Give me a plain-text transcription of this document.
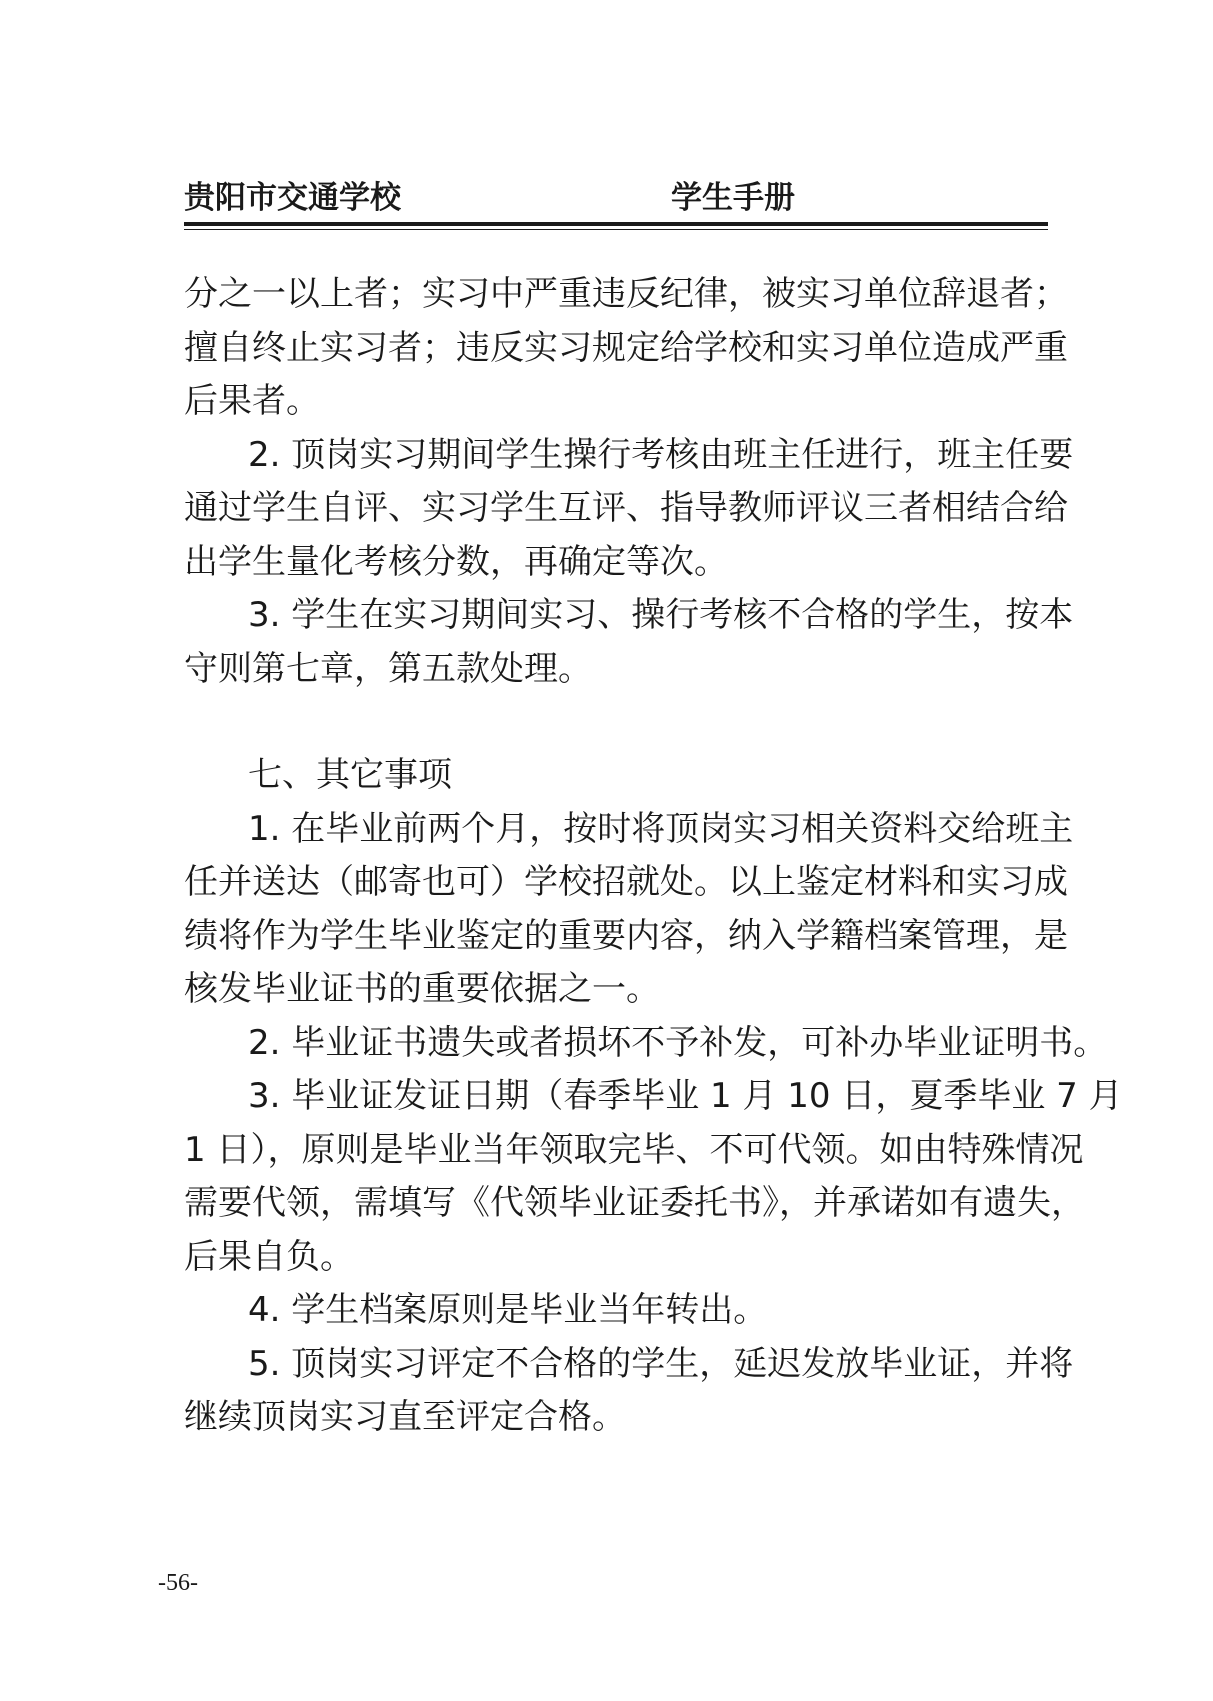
贵阳市交通学校	学生手册
分之一以上者；实习中严重违反纪律，被实习单位辞退者；
擅自终止实习者；违反实习规定给学校和实习单位造成严重
后果者。
2. 顶岗实习期间学生操行考核由班主任进行，班主任要
通过学生自评、实习学生互评、指导教师评议三者相结合给
出学生量化考核分数，再确定等次。
3. 学生在实习期间实习、操行考核不合格的学生，按本
守则第七章，第五款处理。
七、其它事项
1. 在毕业前两个月，按时将顶岗实习相关资料交给班主
任并送达（邮寄也可）学校招就处。以上鉴定材料和实习成
绩将作为学生毕业鉴定的重要内容，纳入学籍档案管理，是
核发毕业证书的重要依据之一。
2. 毕业证书遗失或者损坏不予补发，可补办毕业证明书。
3. 毕业证发证日期（春季毕业 1 月 10 日，夏季毕业 7 月
1 日），原则是毕业当年领取完毕、不可代领。如由特殊情况
需要代领，需填写《代领毕业证委托书》，并承诺如有遗失，
后果自负。
4. 学生档案原则是毕业当年转出。
5. 顶岗实习评定不合格的学生，延迟发放毕业证，并将
继续顶岗实习直至评定合格。
-56-
